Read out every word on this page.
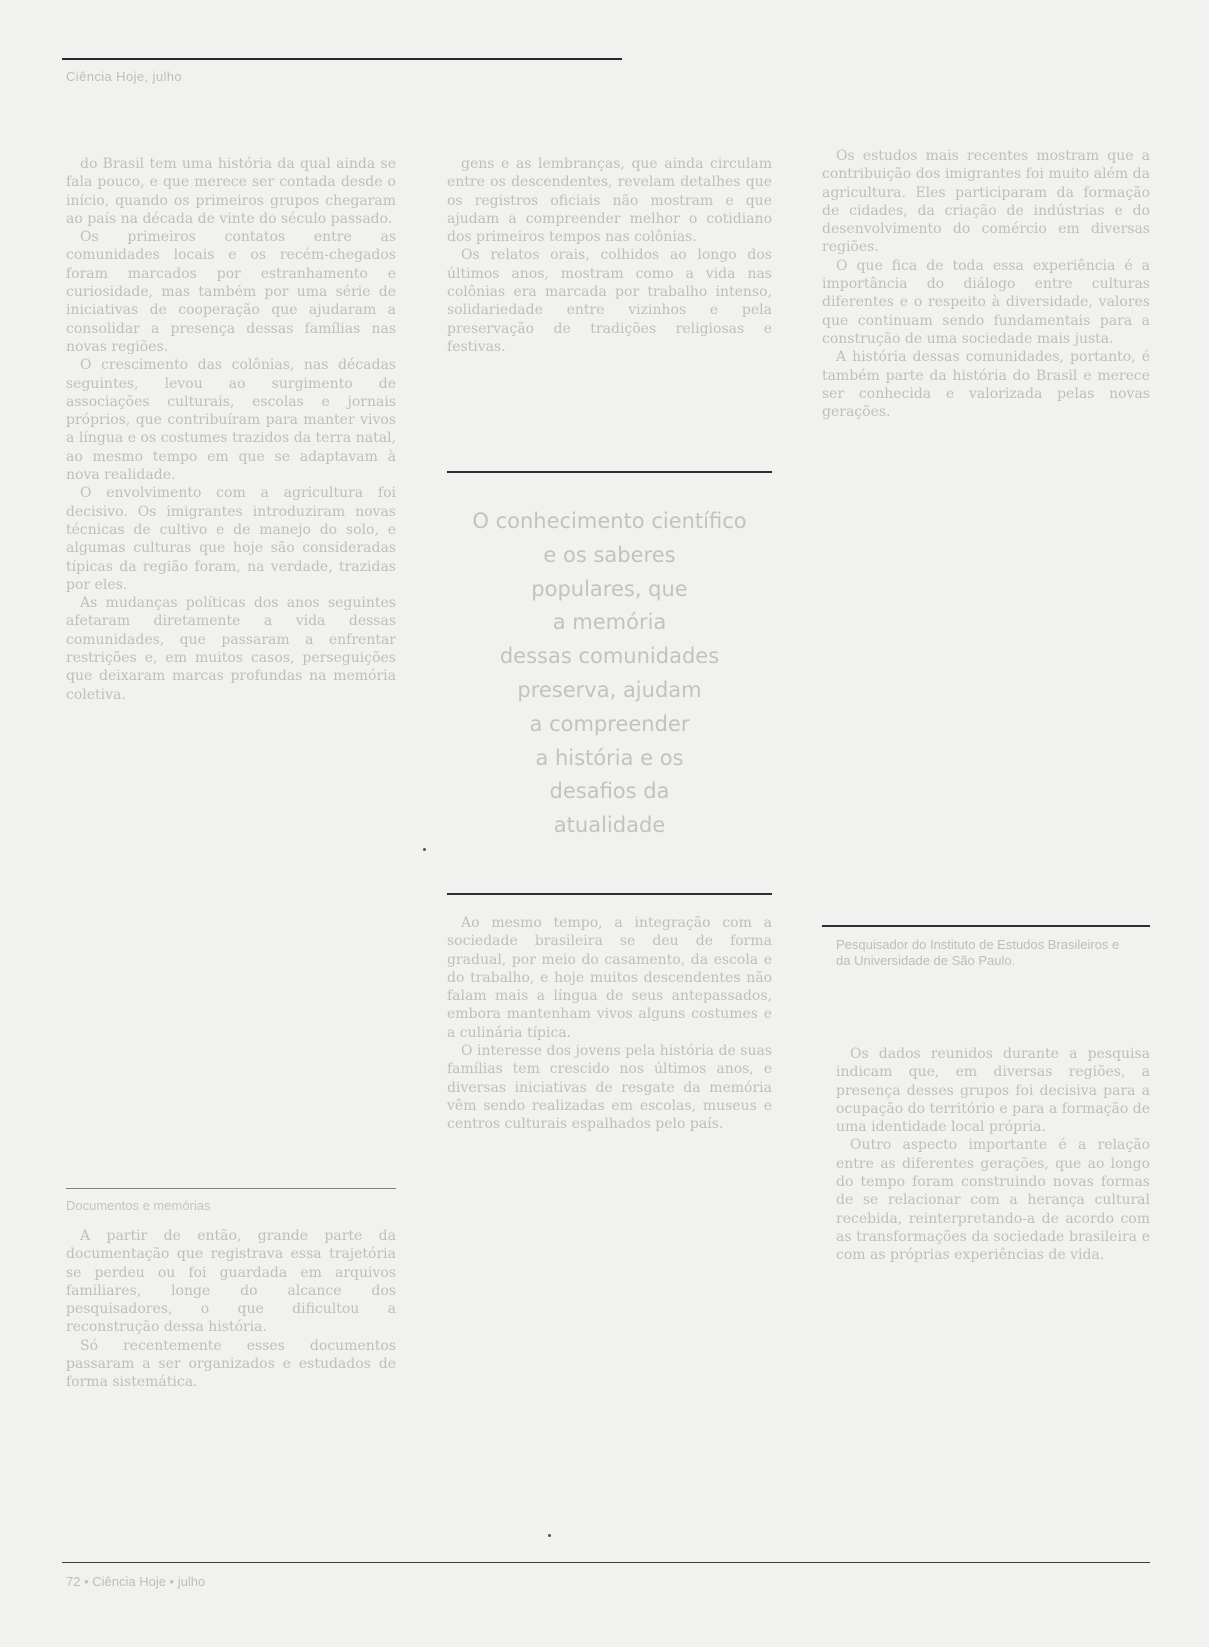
Ciência Hoje, julho

do Brasil tem uma história da qual ainda se fala pouco, e que merece ser contada desde o início, quando os primeiros grupos chegaram ao país na década de vinte do século passado.

Os primeiros contatos entre as comunidades locais e os recém-chegados foram marcados por estranhamento e curiosidade, mas também por uma série de iniciativas de cooperação que ajudaram a consolidar a presença dessas famílias nas novas regiões.

O crescimento das colônias, nas décadas seguintes, levou ao surgimento de associações culturais, escolas e jornais próprios, que contribuíram para manter vivos a língua e os costumes trazidos da terra natal, ao mesmo tempo em que se adaptavam à nova realidade.

O envolvimento com a agricultura foi decisivo. Os imigrantes introduziram novas técnicas de cultivo e de manejo do solo, e algumas culturas que hoje são consideradas típicas da região foram, na verdade, trazidas por eles.

As mudanças políticas dos anos seguintes afetaram diretamente a vida dessas comunidades, que passaram a enfrentar restrições e, em muitos casos, perseguições que deixaram marcas profundas na memória coletiva.

Documentos e memórias

A partir de então, grande parte da documentação que registrava essa trajetória se perdeu ou foi guardada em arquivos familiares, longe do alcance dos pesquisadores, o que dificultou a reconstrução dessa história.

Só recentemente esses documentos passaram a ser organizados e estudados de forma sistemática.

gens e as lembranças, que ainda circulam entre os descendentes, revelam detalhes que os registros oficiais não mostram e que ajudam a compreender melhor o cotidiano dos primeiros tempos nas colônias.

Os relatos orais, colhidos ao longo dos últimos anos, mostram como a vida nas colônias era marcada por trabalho intenso, solidariedade entre vizinhos e pela preservação de tradições religiosas e festivas.

O conhecimento científico
e os saberes
populares, que
a memória
dessas comunidades
preserva, ajudam
a compreender
a história e os
desafios da
atualidade

Ao mesmo tempo, a integração com a sociedade brasileira se deu de forma gradual, por meio do casamento, da escola e do trabalho, e hoje muitos descendentes não falam mais a língua de seus antepassados, embora mantenham vivos alguns costumes e a culinária típica.

O interesse dos jovens pela história de suas famílias tem crescido nos últimos anos, e diversas iniciativas de resgate da memória vêm sendo realizadas em escolas, museus e centros culturais espalhados pelo país.

Os estudos mais recentes mostram que a contribuição dos imigrantes foi muito além da agricultura. Eles participaram da formação de cidades, da criação de indústrias e do desenvolvimento do comércio em diversas regiões.

O que fica de toda essa experiência é a importância do diálogo entre culturas diferentes e o respeito à diversidade, valores que continuam sendo fundamentais para a construção de uma sociedade mais justa.

A história dessas comunidades, portanto, é também parte da história do Brasil e merece ser conhecida e valorizada pelas novas gerações.

Pesquisador do Instituto de Estudos Brasileiros e da Universidade de São Paulo.

Os dados reunidos durante a pesquisa indicam que, em diversas regiões, a presença desses grupos foi decisiva para a ocupação do território e para a formação de uma identidade local própria.

Outro aspecto importante é a relação entre as diferentes gerações, que ao longo do tempo foram construindo novas formas de se relacionar com a herança cultural recebida, reinterpretando-a de acordo com as transformações da sociedade brasileira e com as próprias experiências de vida.

72 • Ciência Hoje • julho
